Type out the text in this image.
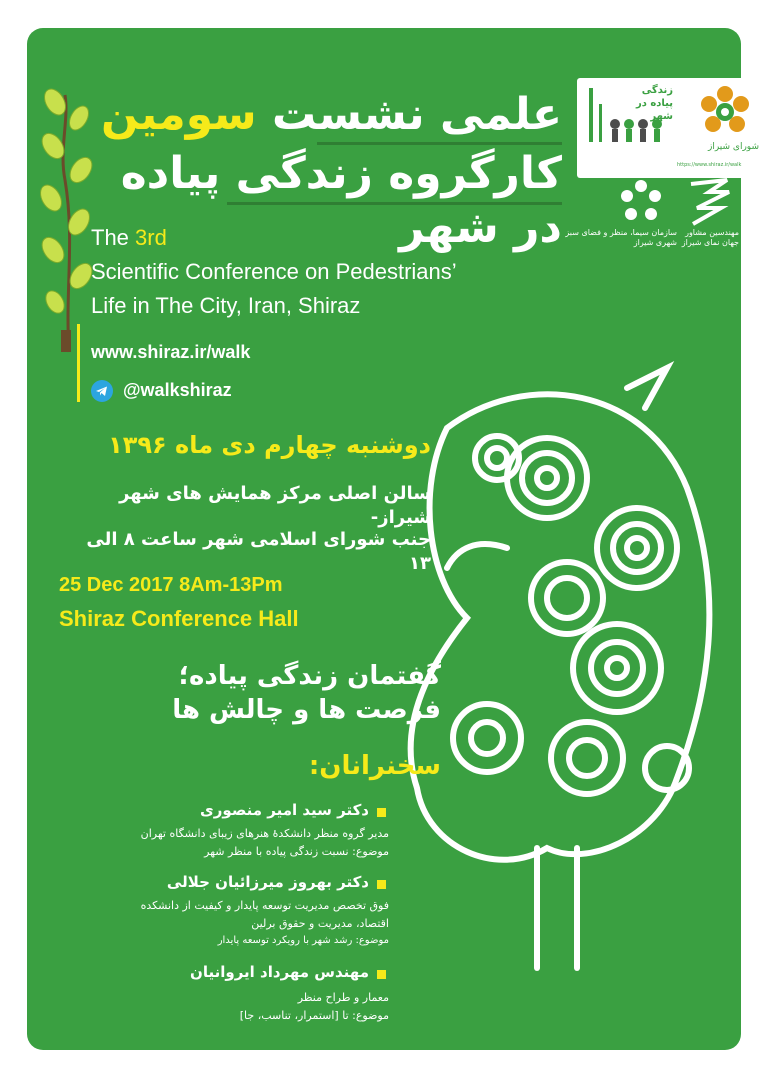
علمی نشست سومین
کارگروه زندگی پیاده
در شهر
The 3rd
Scientific Conference on Pedestrians’
Life in The City, Iran, Shiraz
www.shiraz.ir/walk
@walkshiraz
زندگی پیاده در شهر
شورای شیراز
https://www.shiraz.ir/walk
سازمان سیما، منظر و فضای سبز شهری شیراز
مهندسین مشاور جهان نمای شیراز
دوشنبه چهارم دی ماه ۱۳۹۶
سالن اصلی مرکز همایش های شهر شیراز-
جنب شورای اسلامی شهر ساعت ۸ الی ۱۳
25 Dec 2017 8Am-13Pm
Shiraz Conference Hall
گفتمان زندگی پیاده؛
فرصت ها و چالش ها
سخنرانان:
دکتر سید امیر منصوری
مدیر گروه منظر دانشکدهٔ هنرهای زیبای دانشگاه تهران
موضوع: نسبت زندگی پیاده با منظر شهر
دکتر بهروز میرزائیان جلالی
فوق تخصص مدیریت توسعه پایدار و کیفیت از دانشکده
اقتصاد، مدیریت و حقوق برلین
موضوع: رشد شهر با رویکرد توسعه پایدار
مهندس مهرداد ایروانیان
معمار و طراح منظر
موضوع: تا [استمرار، تناسب، جا]
